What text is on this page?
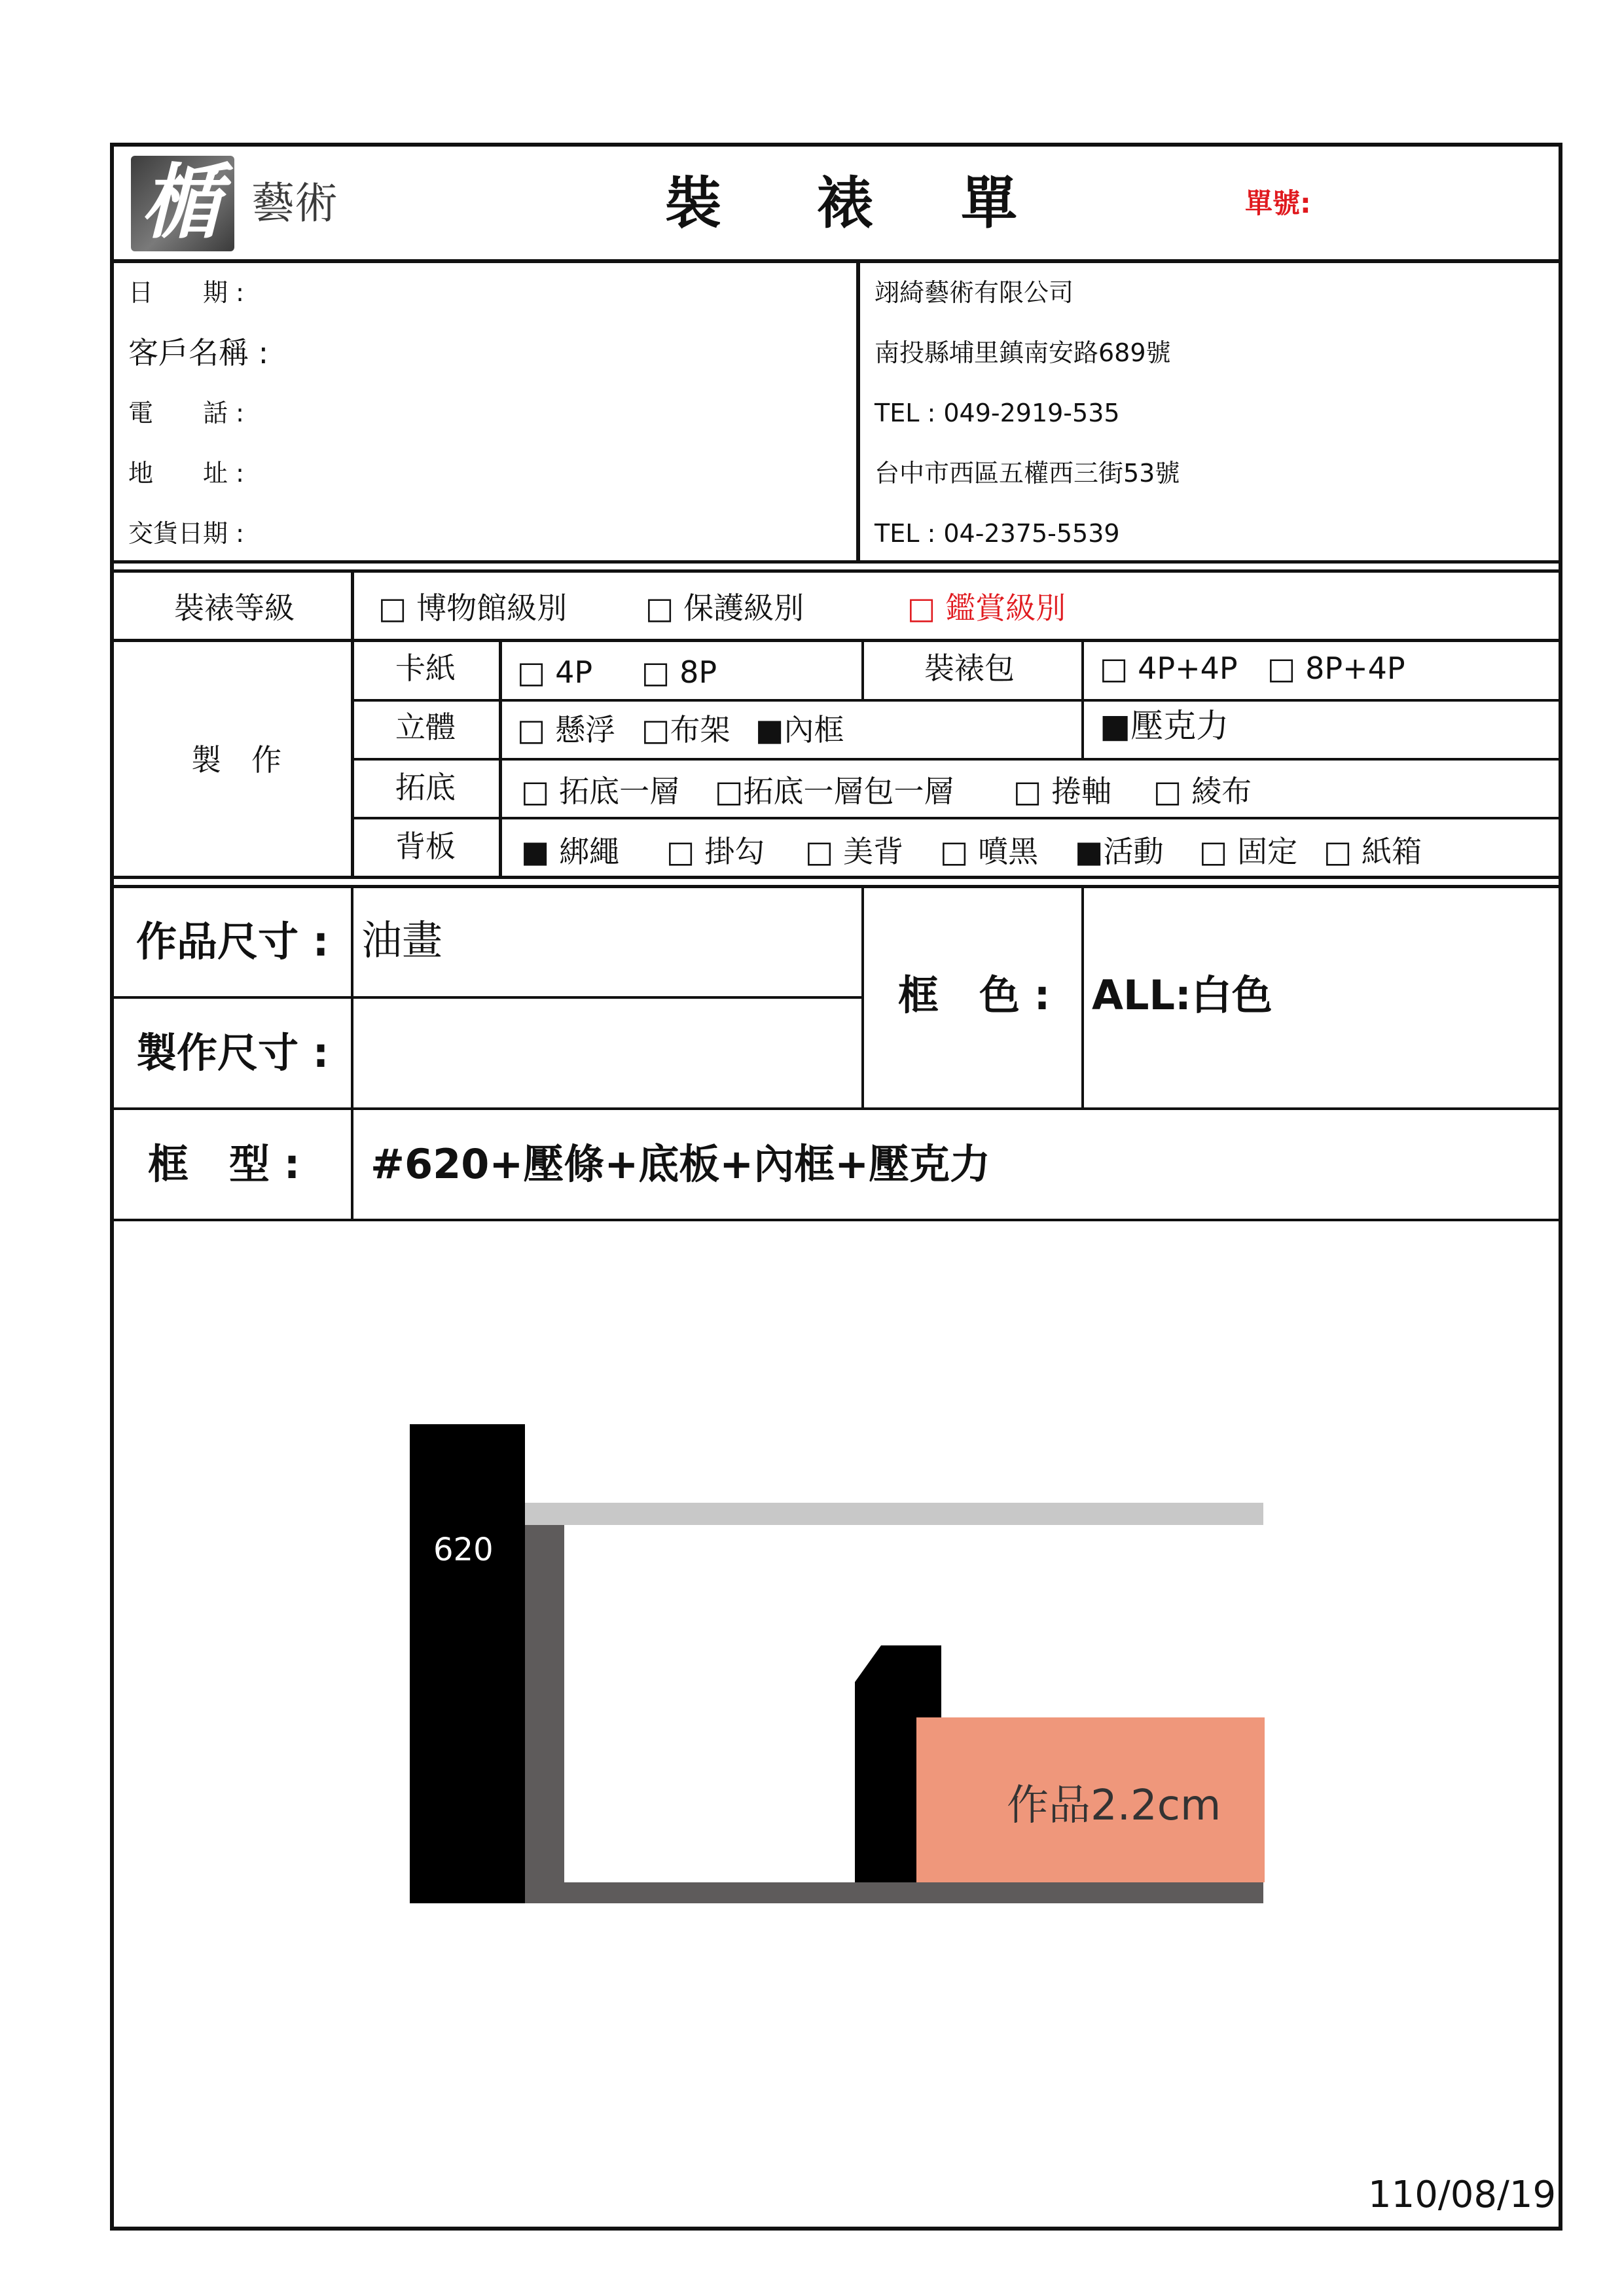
楯 藝術	裝 裱 單	單號:
日　　期 :
客戶名稱 :
電　　話 :
地　　址 :
交貨日期 :
翊綺藝術有限公司
南投縣埔里鎮南安路689號
TEL : 049-2919-535
台中市西區五權西三街53號
TEL : 04-2375-5539
裝裱等級	□ 博物館級別	□ 保護級別	□ 鑑賞級別
製　作
卡紙 □ 4P □ 8P	裝裱包	□ 4P+4P □ 8P+4P
立體 □ 懸浮 □布架 ■內框	■壓克力
拓底 □ 拓底一層 □拓底一層包一層 □ 捲軸 □ 綾布
背板 ■ 綁繩 □ 掛勾 □ 美背 □ 噴黑 ■活動 □ 固定 □ 紙箱
作品尺寸 : 油畫
製作尺寸 :
框　色 : ALL:白色
框　型 : #620+壓條+底板+內框+壓克力
620
作品2.2cm
110/08/19
